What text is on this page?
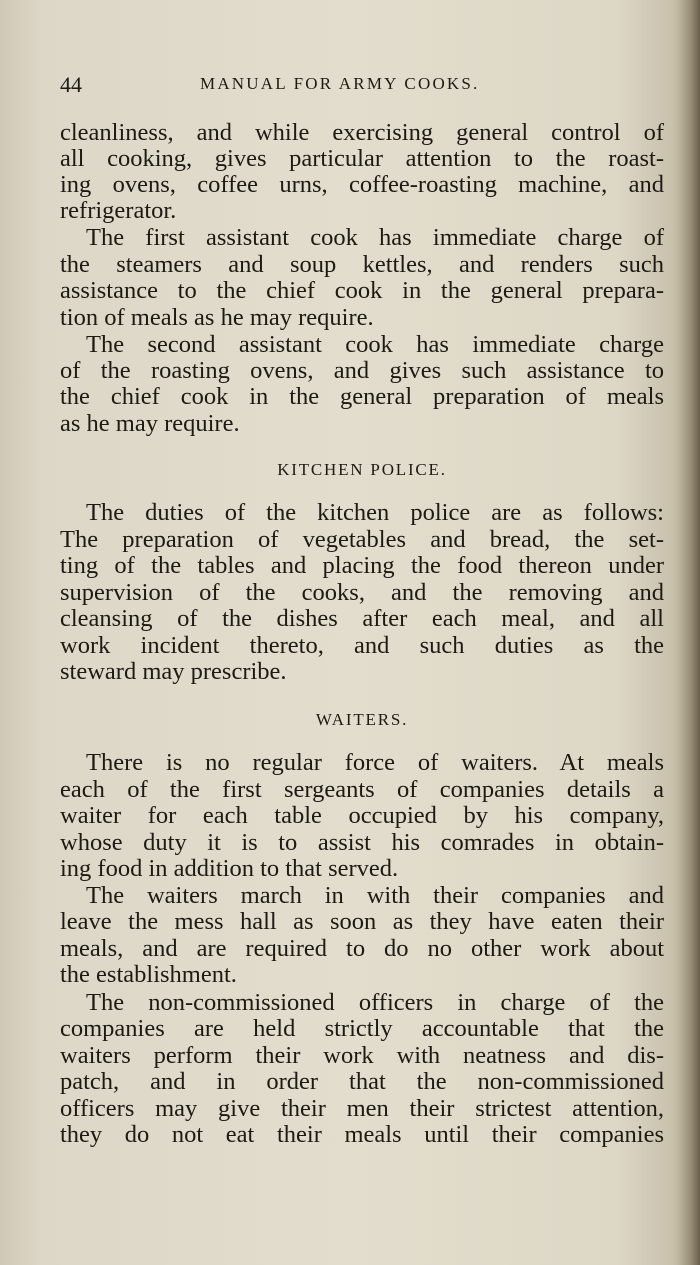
44	MANUAL FOR ARMY COOKS.
cleanliness, and while exercising general control of
all cooking, gives particular attention to the roast-
ing ovens, coffee urns, coffee-roasting machine, and
refrigerator.
The first assistant cook has immediate charge of
the steamers and soup kettles, and renders such
assistance to the chief cook in the general prepara-
tion of meals as he may require.
The second assistant cook has immediate charge
of the roasting ovens, and gives such assistance to
the chief cook in the general preparation of meals
as he may require.
KITCHEN POLICE.
The duties of the kitchen police are as follows:
The preparation of vegetables and bread, the set-
ting of the tables and placing the food thereon under
supervision of the cooks, and the removing and
cleansing of the dishes after each meal, and all
work incident thereto, and such duties as the
steward may prescribe.
WAITERS.
There is no regular force of waiters. At meals
each of the first sergeants of companies details a
waiter for each table occupied by his company,
whose duty it is to assist his comrades in obtain-
ing food in addition to that served.
The waiters march in with their companies and
leave the mess hall as soon as they have eaten their
meals, and are required to do no other work about
the establishment.
The non-commissioned officers in charge of the
companies are held strictly accountable that the
waiters perform their work with neatness and dis-
patch, and in order that the non-commissioned
officers may give their men their strictest attention,
they do not eat their meals until their companies
